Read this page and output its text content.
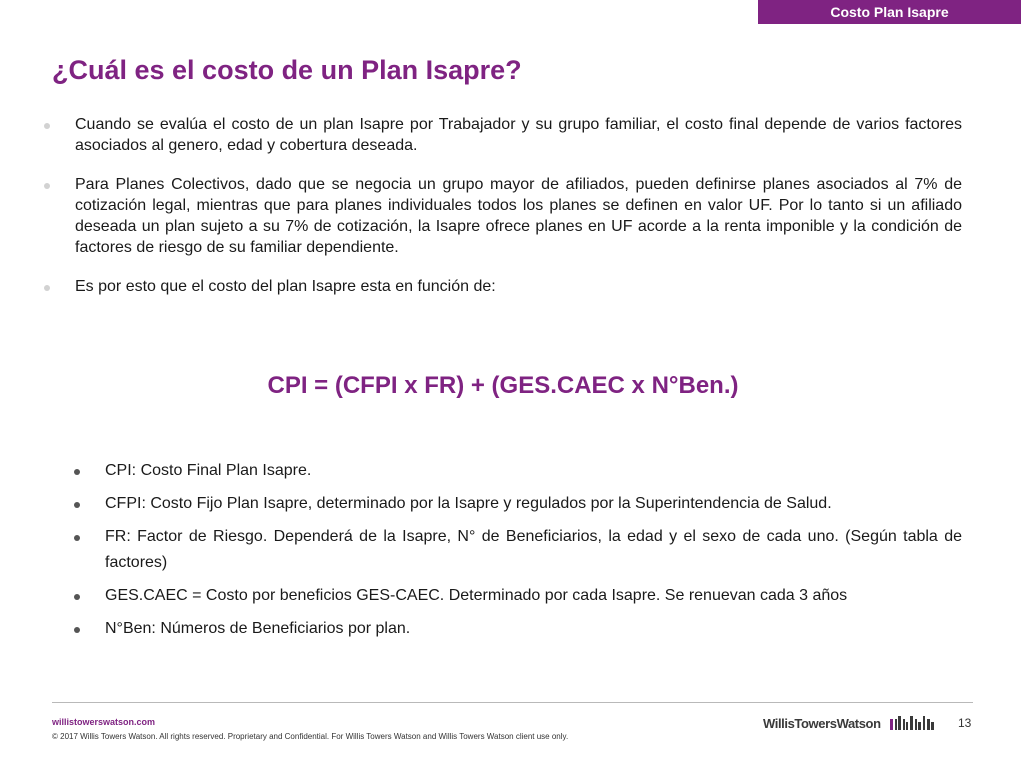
Costo Plan Isapre
¿Cuál es el costo de un Plan Isapre?
Cuando se evalúa el costo de un plan Isapre por Trabajador y su grupo familiar, el costo final depende de varios factores asociados al genero, edad y cobertura deseada.
Para Planes Colectivos, dado que se negocia un grupo mayor de afiliados, pueden definirse planes asociados al 7% de cotización legal, mientras que para planes individuales todos los planes se definen en valor UF. Por lo tanto si un afiliado deseada un plan sujeto a su 7% de cotización, la Isapre ofrece planes en UF acorde a la renta imponible y la condición de factores de riesgo de su familiar dependiente.
Es por esto que el costo del plan Isapre esta en función de:
CPI = (CFPI x FR) + (GES.CAEC x N°Ben.)
CPI: Costo Final Plan Isapre.
CFPI: Costo Fijo Plan Isapre, determinado por la Isapre y regulados por la Superintendencia de Salud.
FR: Factor de Riesgo. Dependerá de la Isapre, N° de Beneficiarios, la edad y el sexo de cada uno. (Según tabla de factores)
GES.CAEC = Costo por beneficios GES-CAEC. Determinado por cada Isapre. Se renuevan cada 3 años
N°Ben: Números de Beneficiarios por plan.
willistowerswatson.com
© 2017 Willis Towers Watson. All rights reserved. Proprietary and Confidential. For Willis Towers Watson and Willis Towers Watson client use only.
WillisTowersWatson	13
